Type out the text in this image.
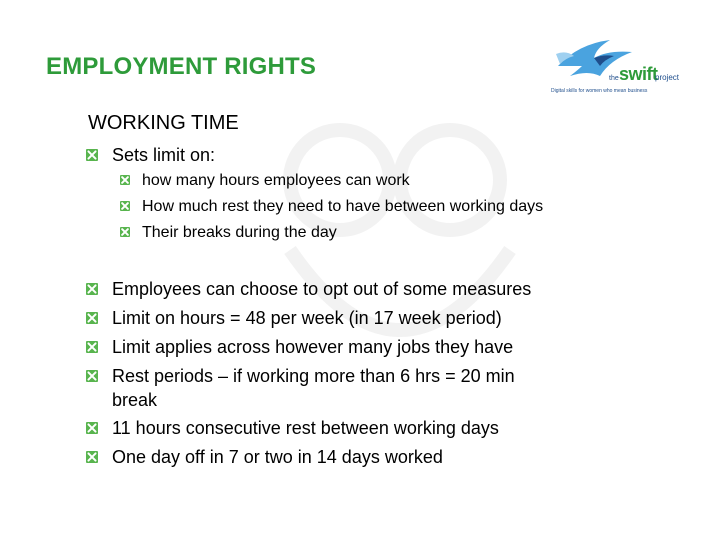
EMPLOYMENT RIGHTS	the swift
project
Digital skills for women who mean business
WORKING TIME
Sets limit on:
how many hours employees can work
How much rest they need to have between working days
Their breaks during the day
Employees can choose to opt out of some measures
Limit on hours = 48 per week (in 17 week period)
Limit applies across however many jobs they have
Rest periods – if working more than 6 hrs = 20 min
break
11 hours consecutive rest between working days
One day off in 7 or two in 14 days worked
